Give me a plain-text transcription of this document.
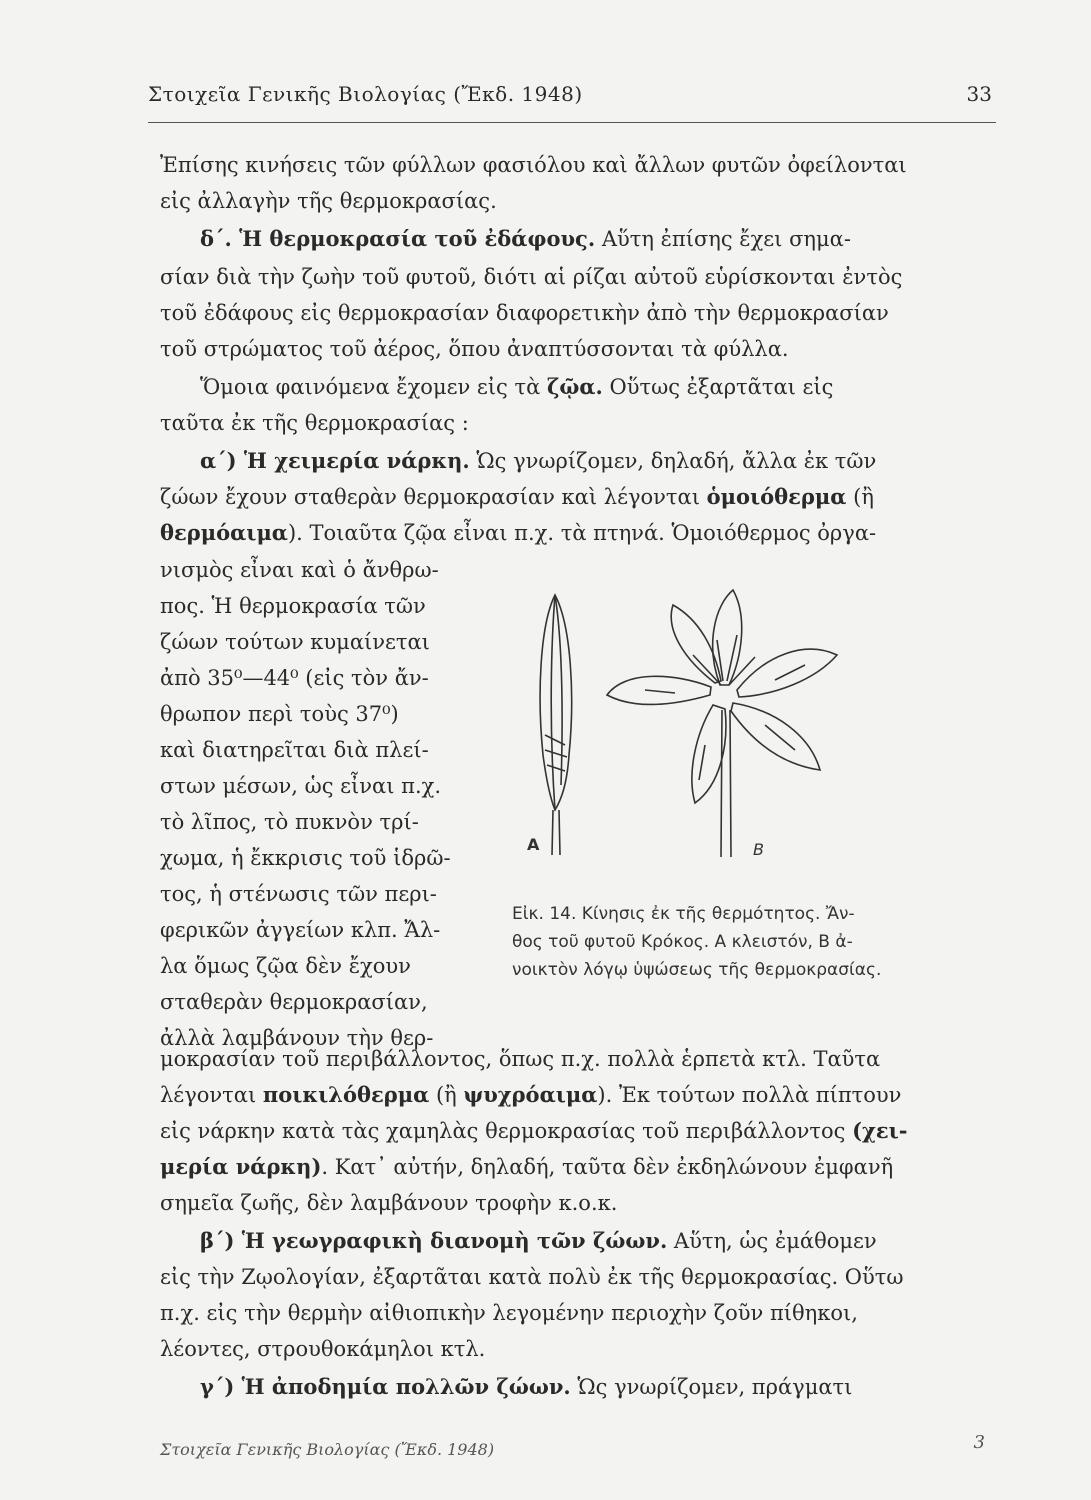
Στοιχεῖα Γενικῆς Βιολογίας (Ἔκδ. 1948)	33
Ἐπίσης κινήσεις τῶν φύλλων φασιόλου καὶ ἄλλων φυτῶν ὀφείλονται
εἰς ἀλλαγὴν τῆς θερμοκρασίας.
δ΄. Ἡ θερμοκρασία τοῦ ἐδάφους. Αὕτη ἐπίσης ἔχει σημα-
σίαν διὰ τὴν ζωὴν τοῦ φυτοῦ, διότι αἱ ρίζαι αὐτοῦ εὑρίσκονται ἐντὸς
τοῦ ἐδάφους εἰς θερμοκρασίαν διαφορετικὴν ἀπὸ τὴν θερμοκρασίαν
τοῦ στρώματος τοῦ ἀέρος, ὅπου ἀναπτύσσονται τὰ φύλλα.
Ὅμοια φαινόμενα ἔχομεν εἰς τὰ ζῷα. Οὕτως ἐξαρτᾶται εἰς
ταῦτα ἐκ τῆς θερμοκρασίας :
α΄) Ἡ χειμερία νάρκη. Ὡς γνωρίζομεν, δηλαδή, ἄλλα ἐκ τῶν
ζώων ἔχουν σταθερὰν θερμοκρασίαν καὶ λέγονται ὁμοιόθερμα (ἢ
θερμόαιμα). Τοιαῦτα ζῷα εἶναι π.χ. τὰ πτηνά. Ὁμοιόθερμος ὀργα-
νισμὸς εἶναι καὶ ὁ ἄνθρω-
πος. Ἡ θερμοκρασία τῶν
ζώων τούτων κυμαίνεται
ἀπὸ 35⁰—44⁰ (εἰς τὸν ἄν-
θρωπον περὶ τοὺς 37⁰)
καὶ διατηρεῖται διὰ πλεί-
στων μέσων, ὡς εἶναι π.χ.
τὸ λῖπος, τὸ πυκνὸν τρί-
χωμα, ἡ ἔκκρισις τοῦ ἱδρῶ-
τος, ἡ στένωσις τῶν περι-
φερικῶν ἀγγείων κλπ. Ἄλ-
λα ὅμως ζῷα δὲν ἔχουν
σταθερὰν θερμοκρασίαν,
ἀλλὰ λαμβάνουν τὴν θερ-
A	B
Εἰκ. 14. Κίνησις ἐκ τῆς θερμότητος. Ἄν-
θος τοῦ φυτοῦ Κρόκος. Α κλειστόν, Β ἀ-
νοικτὸν λόγῳ ὑψώσεως τῆς θερμοκρασίας.
μοκρασίαν τοῦ περιβάλλοντος, ὅπως π.χ. πολλὰ ἑρπετὰ κτλ. Ταῦτα
λέγονται ποικιλόθερμα (ἢ ψυχρόαιμα). Ἐκ τούτων πολλὰ πίπτουν
εἰς νάρκην κατὰ τὰς χαμηλὰς θερμοκρασίας τοῦ περιβάλλοντος (χει-
μερία νάρκη). Κατ᾽ αὐτήν, δηλαδή, ταῦτα δὲν ἐκδηλώνουν ἐμφανῆ
σημεῖα ζωῆς, δὲν λαμβάνουν τροφὴν κ.ο.κ.
β΄) Ἡ γεωγραφικὴ διανομὴ τῶν ζώων. Αὕτη, ὡς ἐμάθομεν
εἰς τὴν Ζῳολογίαν, ἐξαρτᾶται κατὰ πολὺ ἐκ τῆς θερμοκρασίας. Οὕτω
π.χ. εἰς τὴν θερμὴν αἰθιοπικὴν λεγομένην περιοχὴν ζοῦν πίθηκοι,
λέοντες, στρουθοκάμηλοι κτλ.
γ΄) Ἡ ἀποδημία πολλῶν ζώων. Ὡς γνωρίζομεν, πράγματι
Στοιχεῖα Γενικῆς Βιολογίας (Ἔκδ. 1948)	3
